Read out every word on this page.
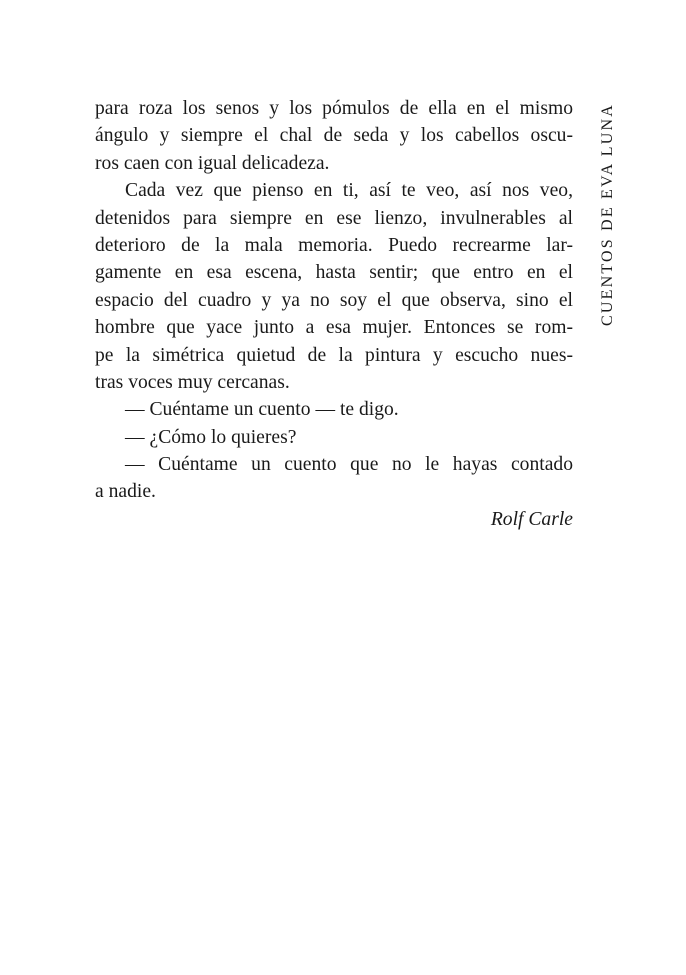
CUENTOS DE EVA LUNA
para roza los senos y los pómulos de ella en el mismo
ángulo y siempre el chal de seda y los cabellos oscu-
ros caen con igual delicadeza.
Cada vez que pienso en ti, así te veo, así nos veo,
detenidos para siempre en ese lienzo, invulnerables al
deterioro de la mala memoria. Puedo recrearme lar-
gamente en esa escena, hasta sentir; que entro en el
espacio del cuadro y ya no soy el que observa, sino el
hombre que yace junto a esa mujer. Entonces se rom-
pe la simétrica quietud de la pintura y escucho nues-
tras voces muy cercanas.
— Cuéntame un cuento — te digo.
— ¿Cómo lo quieres?
— Cuéntame un cuento que no le hayas contado
a nadie.
Rolf Carle
